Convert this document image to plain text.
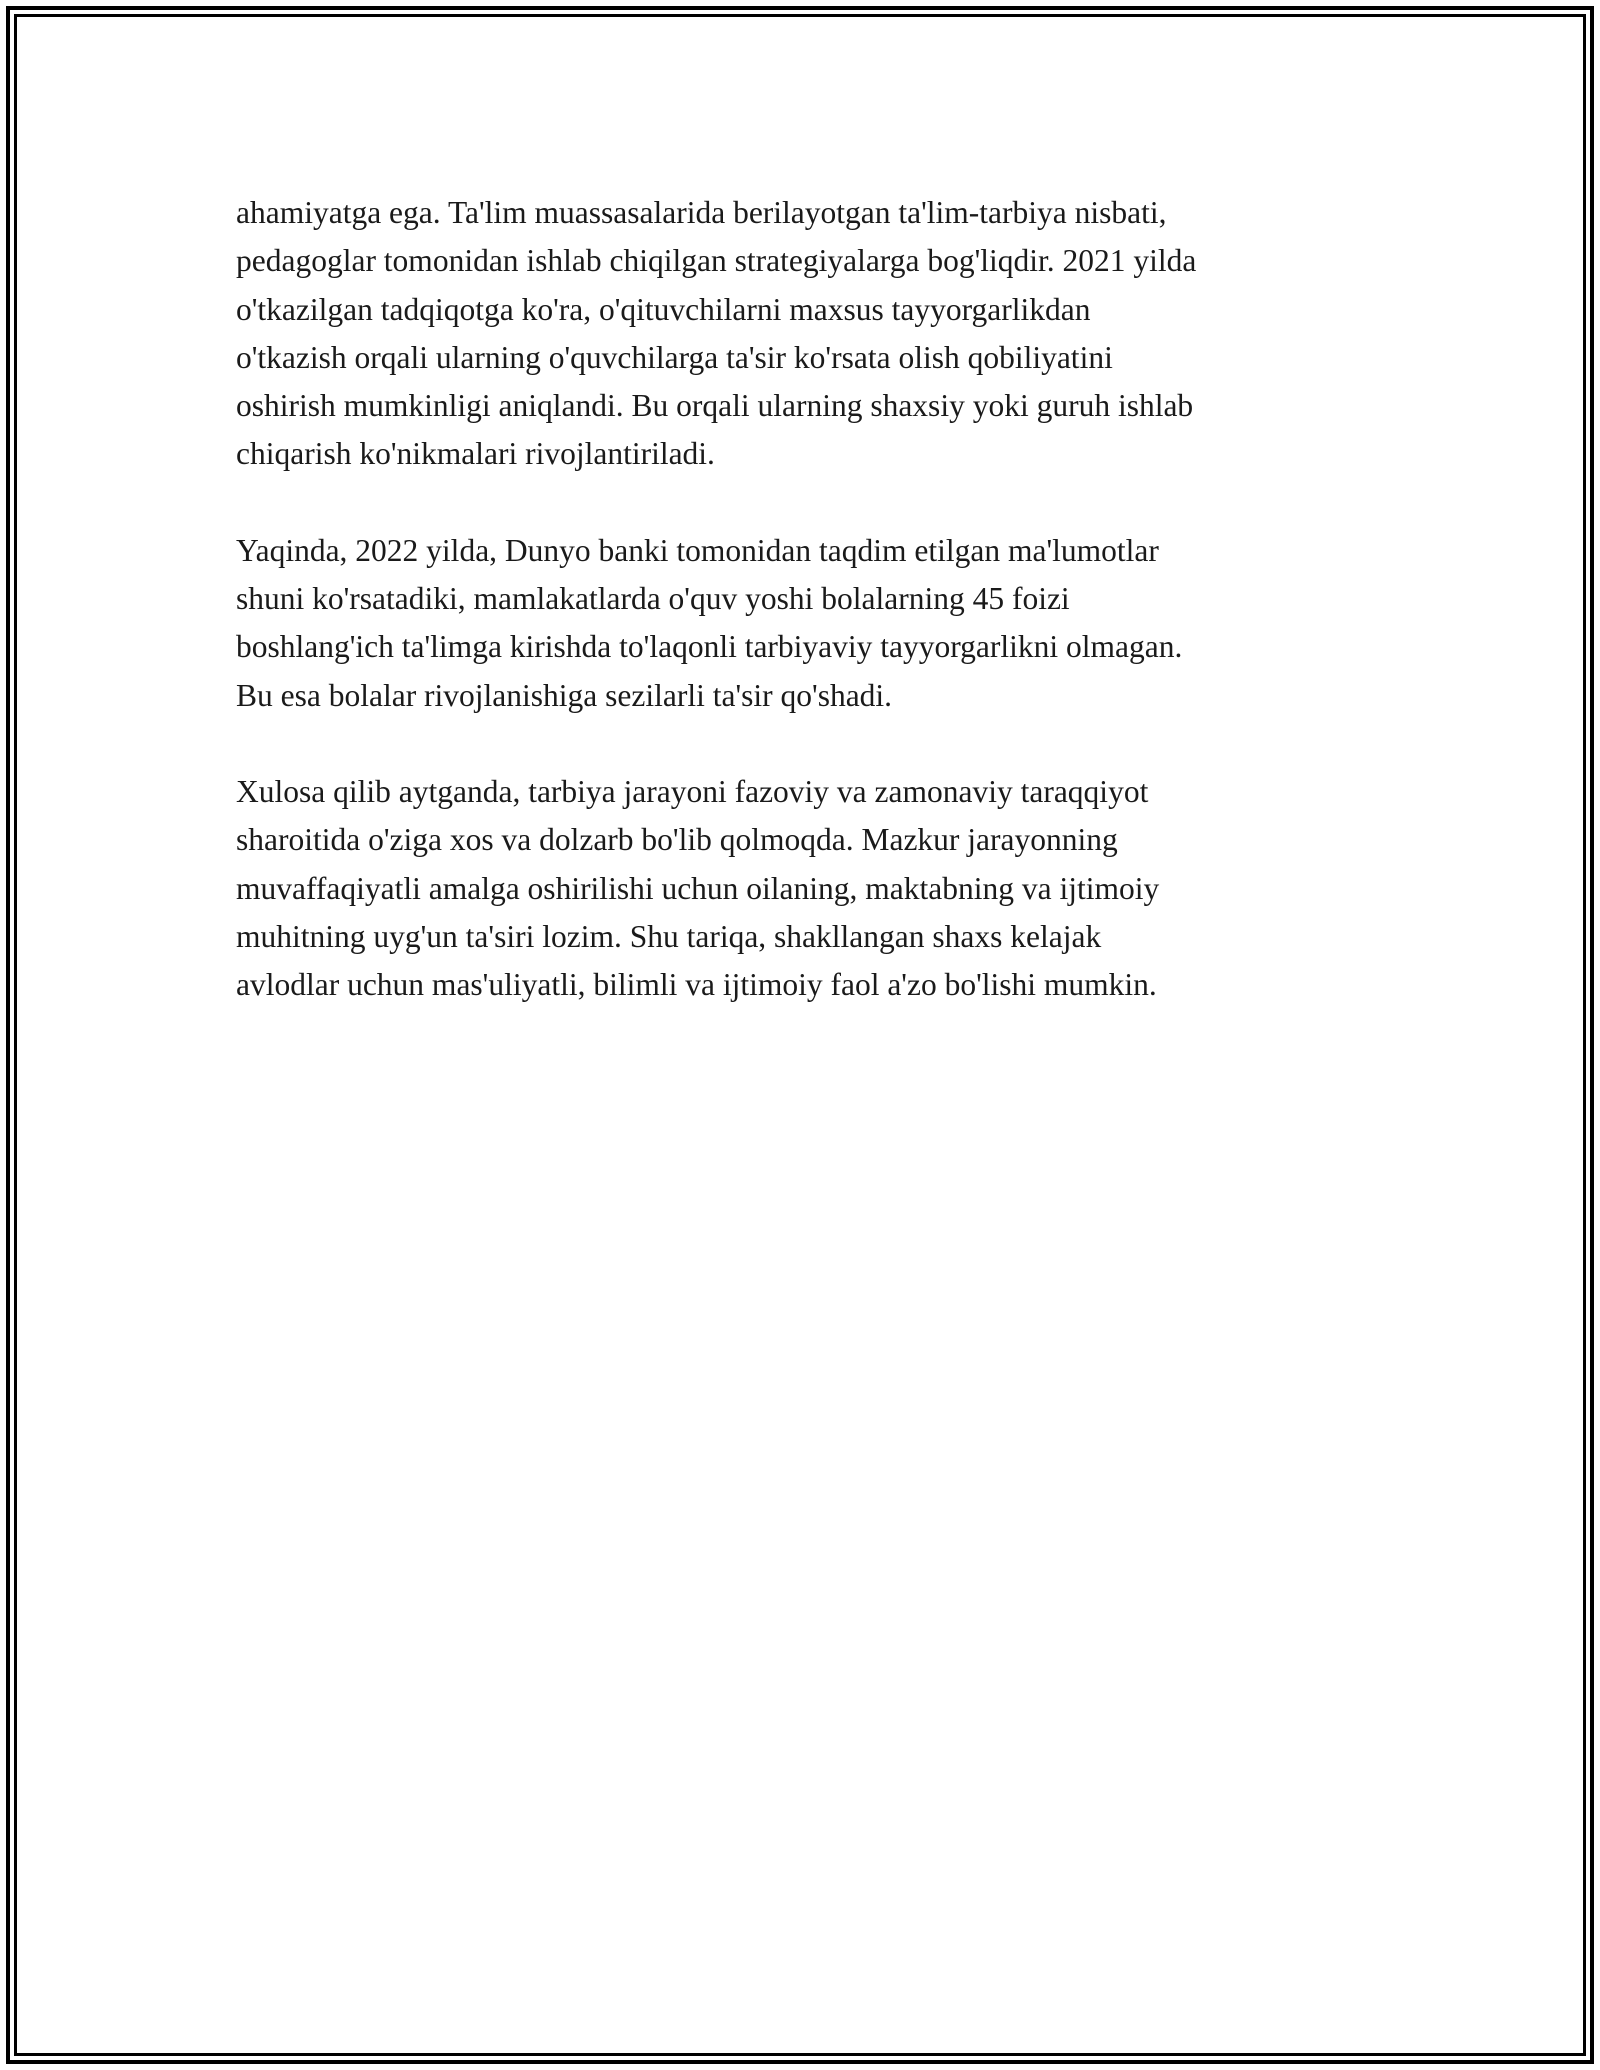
ahamiyatga ega. Ta'lim muassasalarida berilayotgan ta'lim-tarbiya nisbati,
pedagoglar tomonidan ishlab chiqilgan strategiyalarga bog'liqdir. 2021 yilda
o'tkazilgan tadqiqotga ko'ra, o'qituvchilarni maxsus tayyorgarlikdan
o'tkazish orqali ularning o'quvchilarga ta'sir ko'rsata olish qobiliyatini
oshirish mumkinligi aniqlandi. Bu orqali ularning shaxsiy yoki guruh ishlab
chiqarish ko'nikmalari rivojlantiriladi.

Yaqinda, 2022 yilda, Dunyo banki tomonidan taqdim etilgan ma'lumotlar
shuni ko'rsatadiki, mamlakatlarda o'quv yoshi bolalarning 45 foizi
boshlang'ich ta'limga kirishda to'laqonli tarbiyaviy tayyorgarlikni olmagan.
Bu esa bolalar rivojlanishiga sezilarli ta'sir qo'shadi.

Xulosa qilib aytganda, tarbiya jarayoni fazoviy va zamonaviy taraqqiyot
sharoitida o'ziga xos va dolzarb bo'lib qolmoqda. Mazkur jarayonning
muvaffaqiyatli amalga oshirilishi uchun oilaning, maktabning va ijtimoiy
muhitning uyg'un ta'siri lozim. Shu tariqa, shakllangan shaxs kelajak
avlodlar uchun mas'uliyatli, bilimli va ijtimoiy faol a'zo bo'lishi mumkin.
